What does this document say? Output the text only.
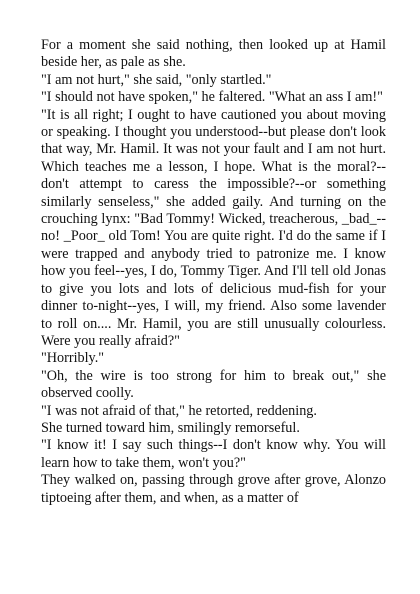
For a moment she said nothing, then looked up at Hamil beside her, as pale as she.

"I am not hurt," she said, "only startled."

"I should not have spoken," he faltered. "What an ass I am!"

"It is all right; I ought to have cautioned you about moving or speaking. I thought you understood--but please don't look that way, Mr. Hamil. It was not your fault and I am not hurt. Which teaches me a lesson, I hope. What is the moral?--don't attempt to caress the impossible?--or something similarly senseless," she added gaily. And turning on the crouching lynx: "Bad Tommy! Wicked, treacherous, _bad_--no! _Poor_ old Tom! You are quite right. I'd do the same if I were trapped and anybody tried to patronize me. I know how you feel--yes, I do, Tommy Tiger. And I'll tell old Jonas to give you lots and lots of delicious mud-fish for your dinner to-night--yes, I will, my friend. Also some lavender to roll on.... Mr. Hamil, you are still unusually colourless. Were you really afraid?"

"Horribly."

"Oh, the wire is too strong for him to break out," she observed coolly.

"I was not afraid of that," he retorted, reddening.

She turned toward him, smilingly remorseful.

"I know it! I say such things--I don't know why. You will learn how to take them, won't you?"

They walked on, passing through grove after grove, Alonzo tiptoeing after them, and when, as a matter of
